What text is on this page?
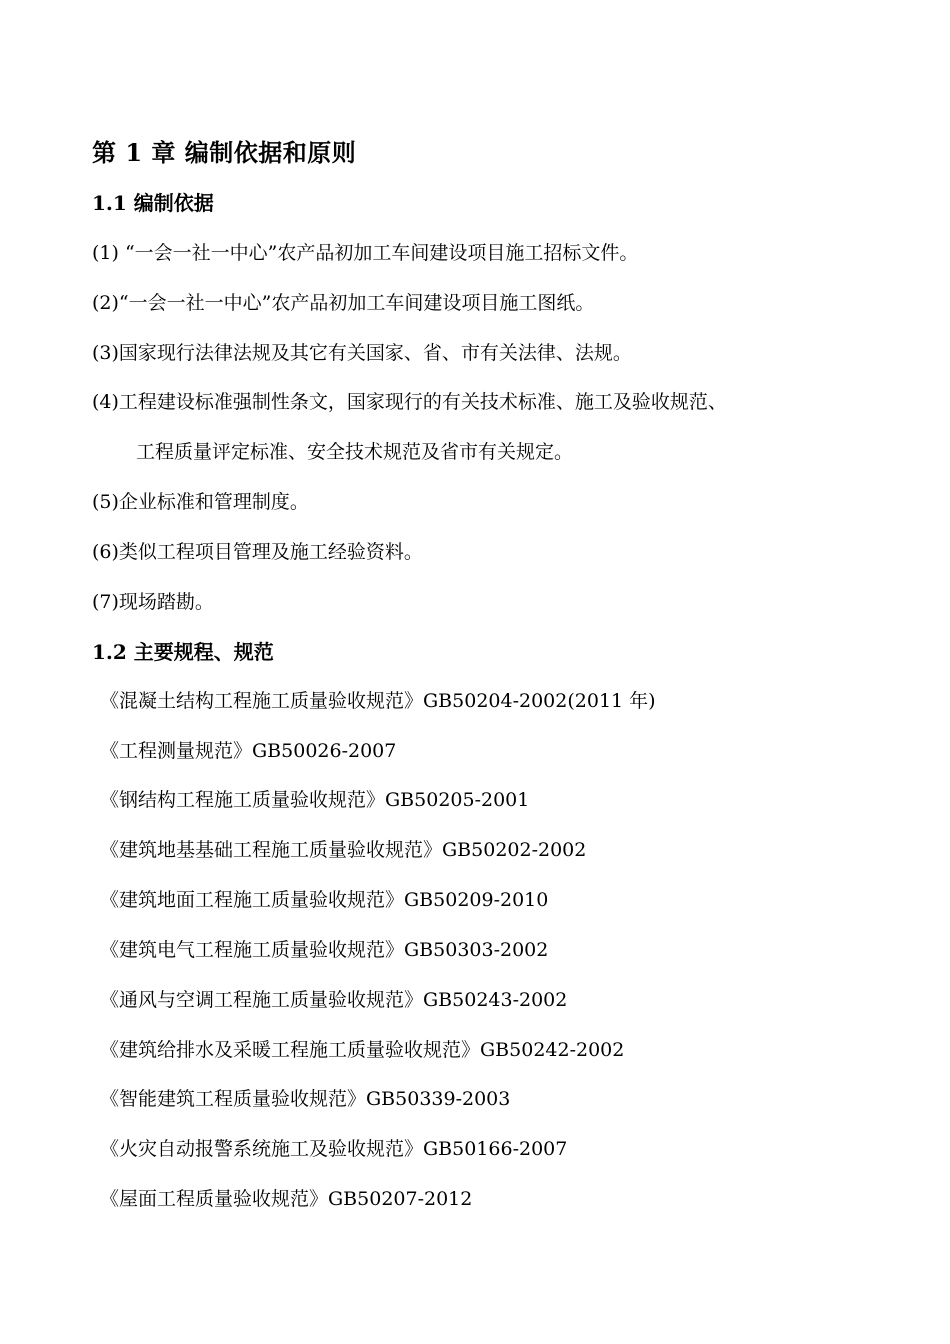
第 1 章 编制依据和原则
1.1 编制依据
(1) “一会一社一中心”农产品初加工车间建设项目施工招标文件。
(2)“一会一社一中心”农产品初加工车间建设项目施工图纸。
(3)国家现行法律法规及其它有关国家、省、市有关法律、法规。
(4)工程建设标准强制性条文，国家现行的有关技术标准、施工及验收规范、
工程质量评定标准、安全技术规范及省市有关规定。
(5)企业标准和管理制度。
(6)类似工程项目管理及施工经验资料。
(7)现场踏勘。
1.2 主要规程、规范
《混凝土结构工程施工质量验收规范》GB50204-2002(2011 年)
《工程测量规范》GB50026-2007
《钢结构工程施工质量验收规范》GB50205-2001
《建筑地基基础工程施工质量验收规范》GB50202-2002
《建筑地面工程施工质量验收规范》GB50209-2010
《建筑电气工程施工质量验收规范》GB50303-2002
《通风与空调工程施工质量验收规范》GB50243-2002
《建筑给排水及采暖工程施工质量验收规范》GB50242-2002
《智能建筑工程质量验收规范》GB50339-2003
《火灾自动报警系统施工及验收规范》GB50166-2007
《屋面工程质量验收规范》GB50207-2012
